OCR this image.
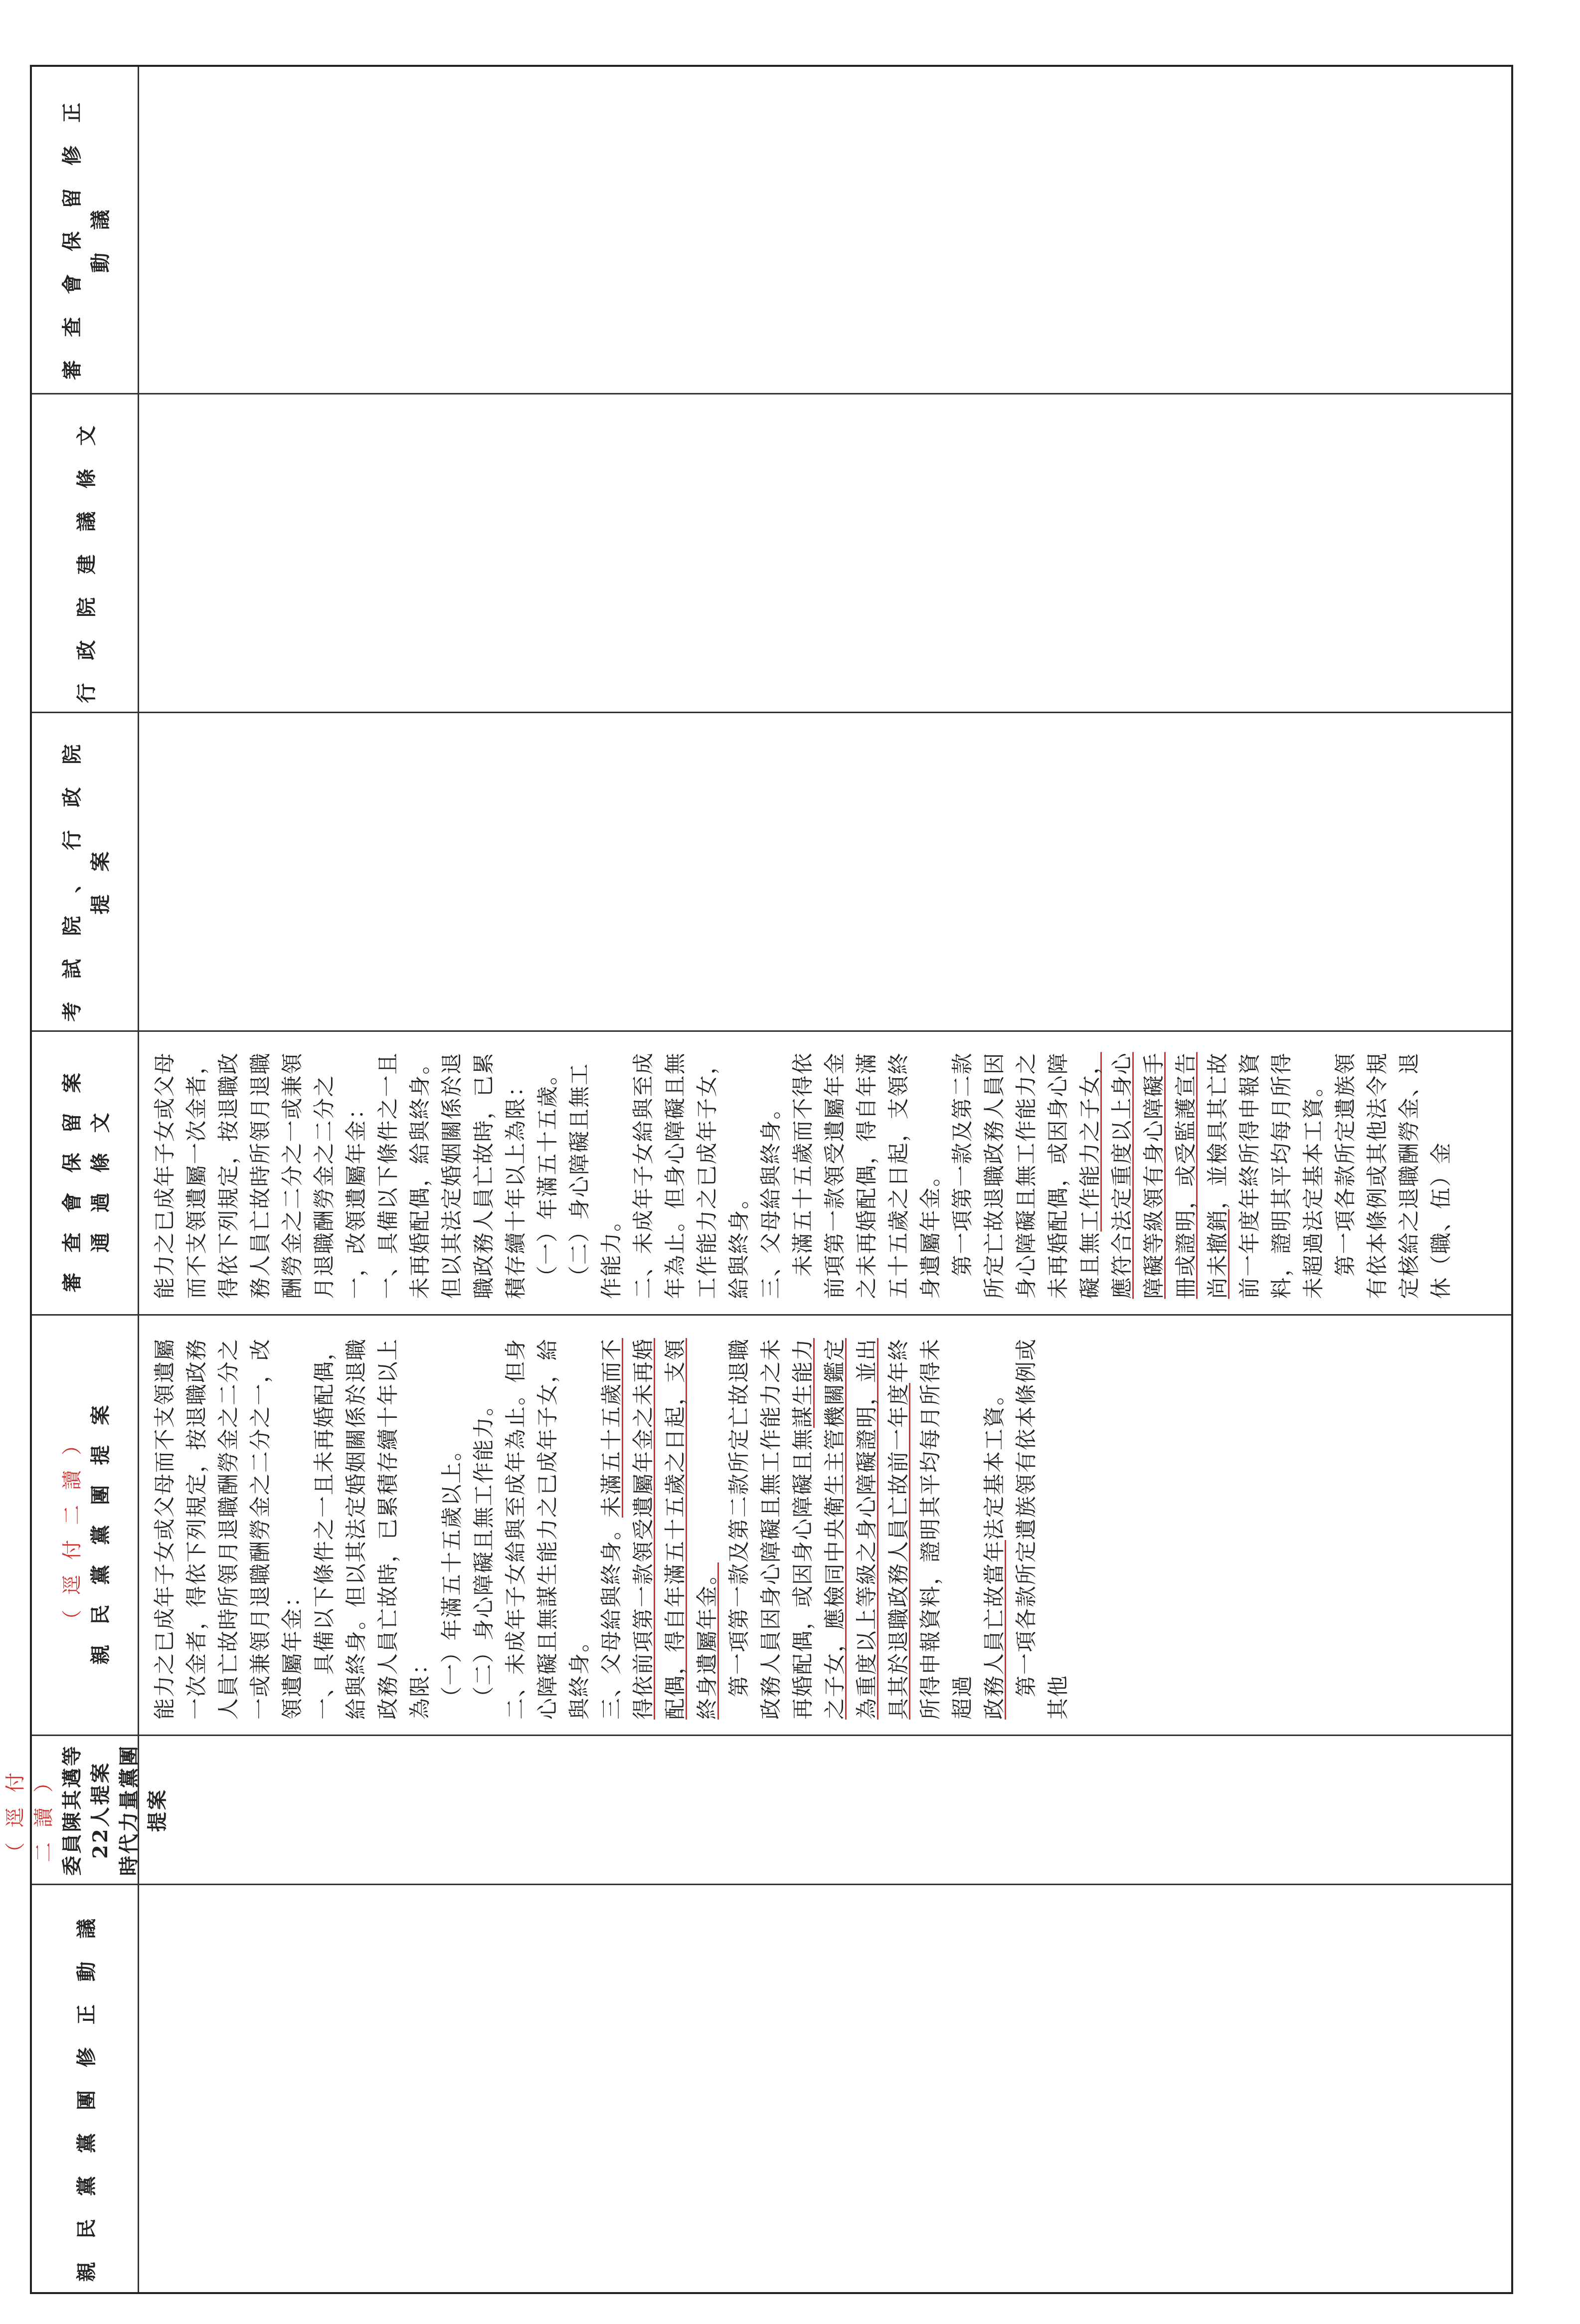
親民黨黨團修正動議
（逕付二讀） 委員陳其邁等22人提案 時代力量黨團提案
（逕付二讀） 親民黨黨團提案 能力之已成年子女或父母而不支領遺屬一次金者，得依下列規定，按退職政務人員亡故時所領月退職酬勞金之二分之一或兼領月退職酬勞金之二分之一，改領遺屬年金： 一、具備以下條件之一且未再婚配偶，給與終身。但以其法定婚姻關係於退職政務人員亡故時，已累積存續十年以上為限： 　（一）年滿五十五歲以上。 　（二）身心障礙且無工作能力。 二、未成年子女給與至成年為止。但身心障礙且無謀生能力之已成年子女，給與終身。 三、父母給與終身。未滿五十五歲而不得依前項第一款領受遺屬年金之未再婚配偶，得自年滿五十五歲之日起，支領終身遺屬年金。 　第一項第一款及第二款所定亡故退職政務人員因身心障礙且無工作能力之未再婚配偶，或因身心障礙且無謀生能力之子女，應檢同中央衛生主管機關鑑定為重度以上等級之身心障礙證明，並出具其於退職政務人員亡故前一年度年終所得申報資料，證明其平均每月所得未超過 政務人員亡故當年法定基本工資。 　第一項各款所定遺族領有依本條例或其他

審查會保留案通過條文 能力之已成年子女或父母而不支領遺屬一次金者，得依下列規定，按退職政務人員亡故時所領月退職酬勞金之二分之一或兼領月退職酬勞金之二分之一，改領遺屬年金： 一、具備以下條件之一且未再婚配偶，給與終身。但以其法定婚姻關係於退職政務人員亡故時，已累積存續十年以上為限： 　（一）年滿五十五歲。 　（二）身心障礙且無工作能力。 二、未成年子女給與至成年為止。但身心障礙且無工作能力之已成年子女，給與終身。 三、父母給與終身。 　未滿五十五歲而不得依前項第一款領受遺屬年金之未再婚配偶，得自年滿五十五歲之日起，支領終身遺屬年金。 　第一項第一款及第二款所定亡故退職政務人員因身心障礙且無工作能力之未再婚配偶，或因身心障礙且無工作能力之子女，應符合法定重度以上身心障礙等級領有身心障礙手冊或證明，或受監護宣告尚未撤銷，並檢具其亡故前一年度年終所得申報資料，證明其平均每月所得未超過法定基本工資。 　第一項各款所定遺族領有依本條例或其他法令規定核給之退職酬勞金、退休（職、伍）金

考試院、行政院提案
行政院建議條文
審查會保留修正動議
